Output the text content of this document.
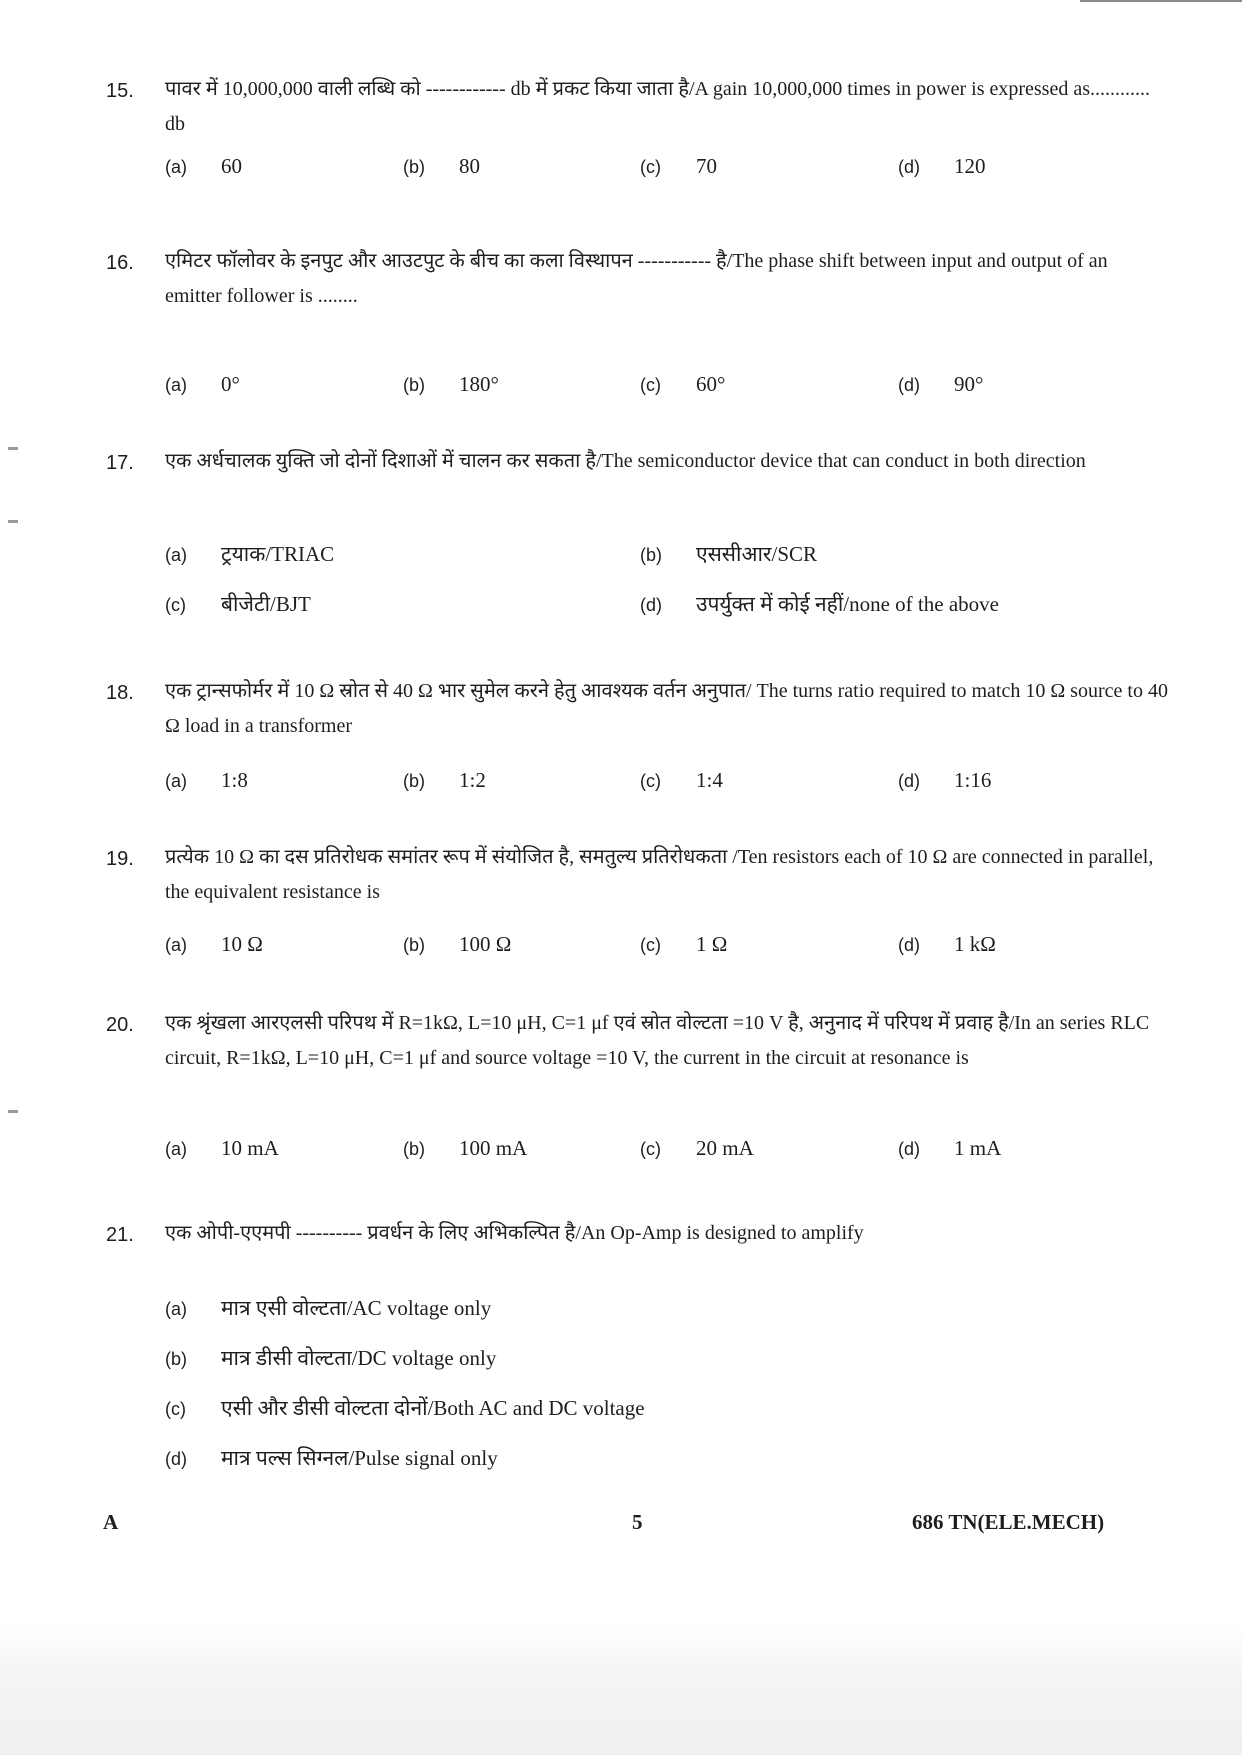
15. पावर में 10,000,000 वाली लब्धि को ------------ db में प्रकट किया जाता है/A gain 10,000,000 times in power is expressed as............ db
(a) 60	(b) 80	(c) 70	(d) 120
16. एमिटर फॉलोवर के इनपुट और आउटपुट के बीच का कला विस्थापन ----------- है/The phase shift between input and output of an emitter follower is ........
(a) 0°	(b) 180°	(c) 60°	(d) 90°
17. एक अर्धचालक युक्ति जो दोनों दिशाओं में चालन कर सकता है/The semiconductor device that can conduct in both direction
(a) ट्रयाक/TRIAC	(b) एससीआर/SCR
(c) बीजेटी/BJT	(d) उपर्युक्त में कोई नहीं/none of the above
18. एक ट्रान्सफोर्मर में 10 Ω स्रोत से 40 Ω भार सुमेल करने हेतु आवश्यक वर्तन अनुपात/ The turns ratio required to match 10 Ω source to 40 Ω load in a transformer
(a) 1:8	(b) 1:2	(c) 1:4	(d) 1:16
19. प्रत्येक 10 Ω का दस प्रतिरोधक समांतर रूप में संयोजित है, समतुल्य प्रतिरोधकता /Ten resistors each of 10 Ω are connected in parallel, the equivalent resistance is
(a) 10 Ω	(b) 100 Ω	(c) 1 Ω	(d) 1 kΩ
20. एक श्रृंखला आरएलसी परिपथ में R=1kΩ, L=10 μH, C=1 μf एवं स्रोत वोल्टता =10 V है, अनुनाद में परिपथ में प्रवाह है/In an series RLC circuit, R=1kΩ, L=10 μH, C=1 μf and source voltage =10 V, the current in the circuit at resonance is
(a) 10 mA	(b) 100 mA	(c) 20 mA	(d) 1 mA
21. एक ओपी-एएमपी ---------- प्रवर्धन के लिए अभिकल्पित है/An Op-Amp is designed to amplify
(a) मात्र एसी वोल्टता/AC voltage only
(b) मात्र डीसी वोल्टता/DC voltage only
(c) एसी और डीसी वोल्टता दोनों/Both AC and DC voltage
(d) मात्र पल्स सिग्नल/Pulse signal only
A	5	686 TN(ELE.MECH)
